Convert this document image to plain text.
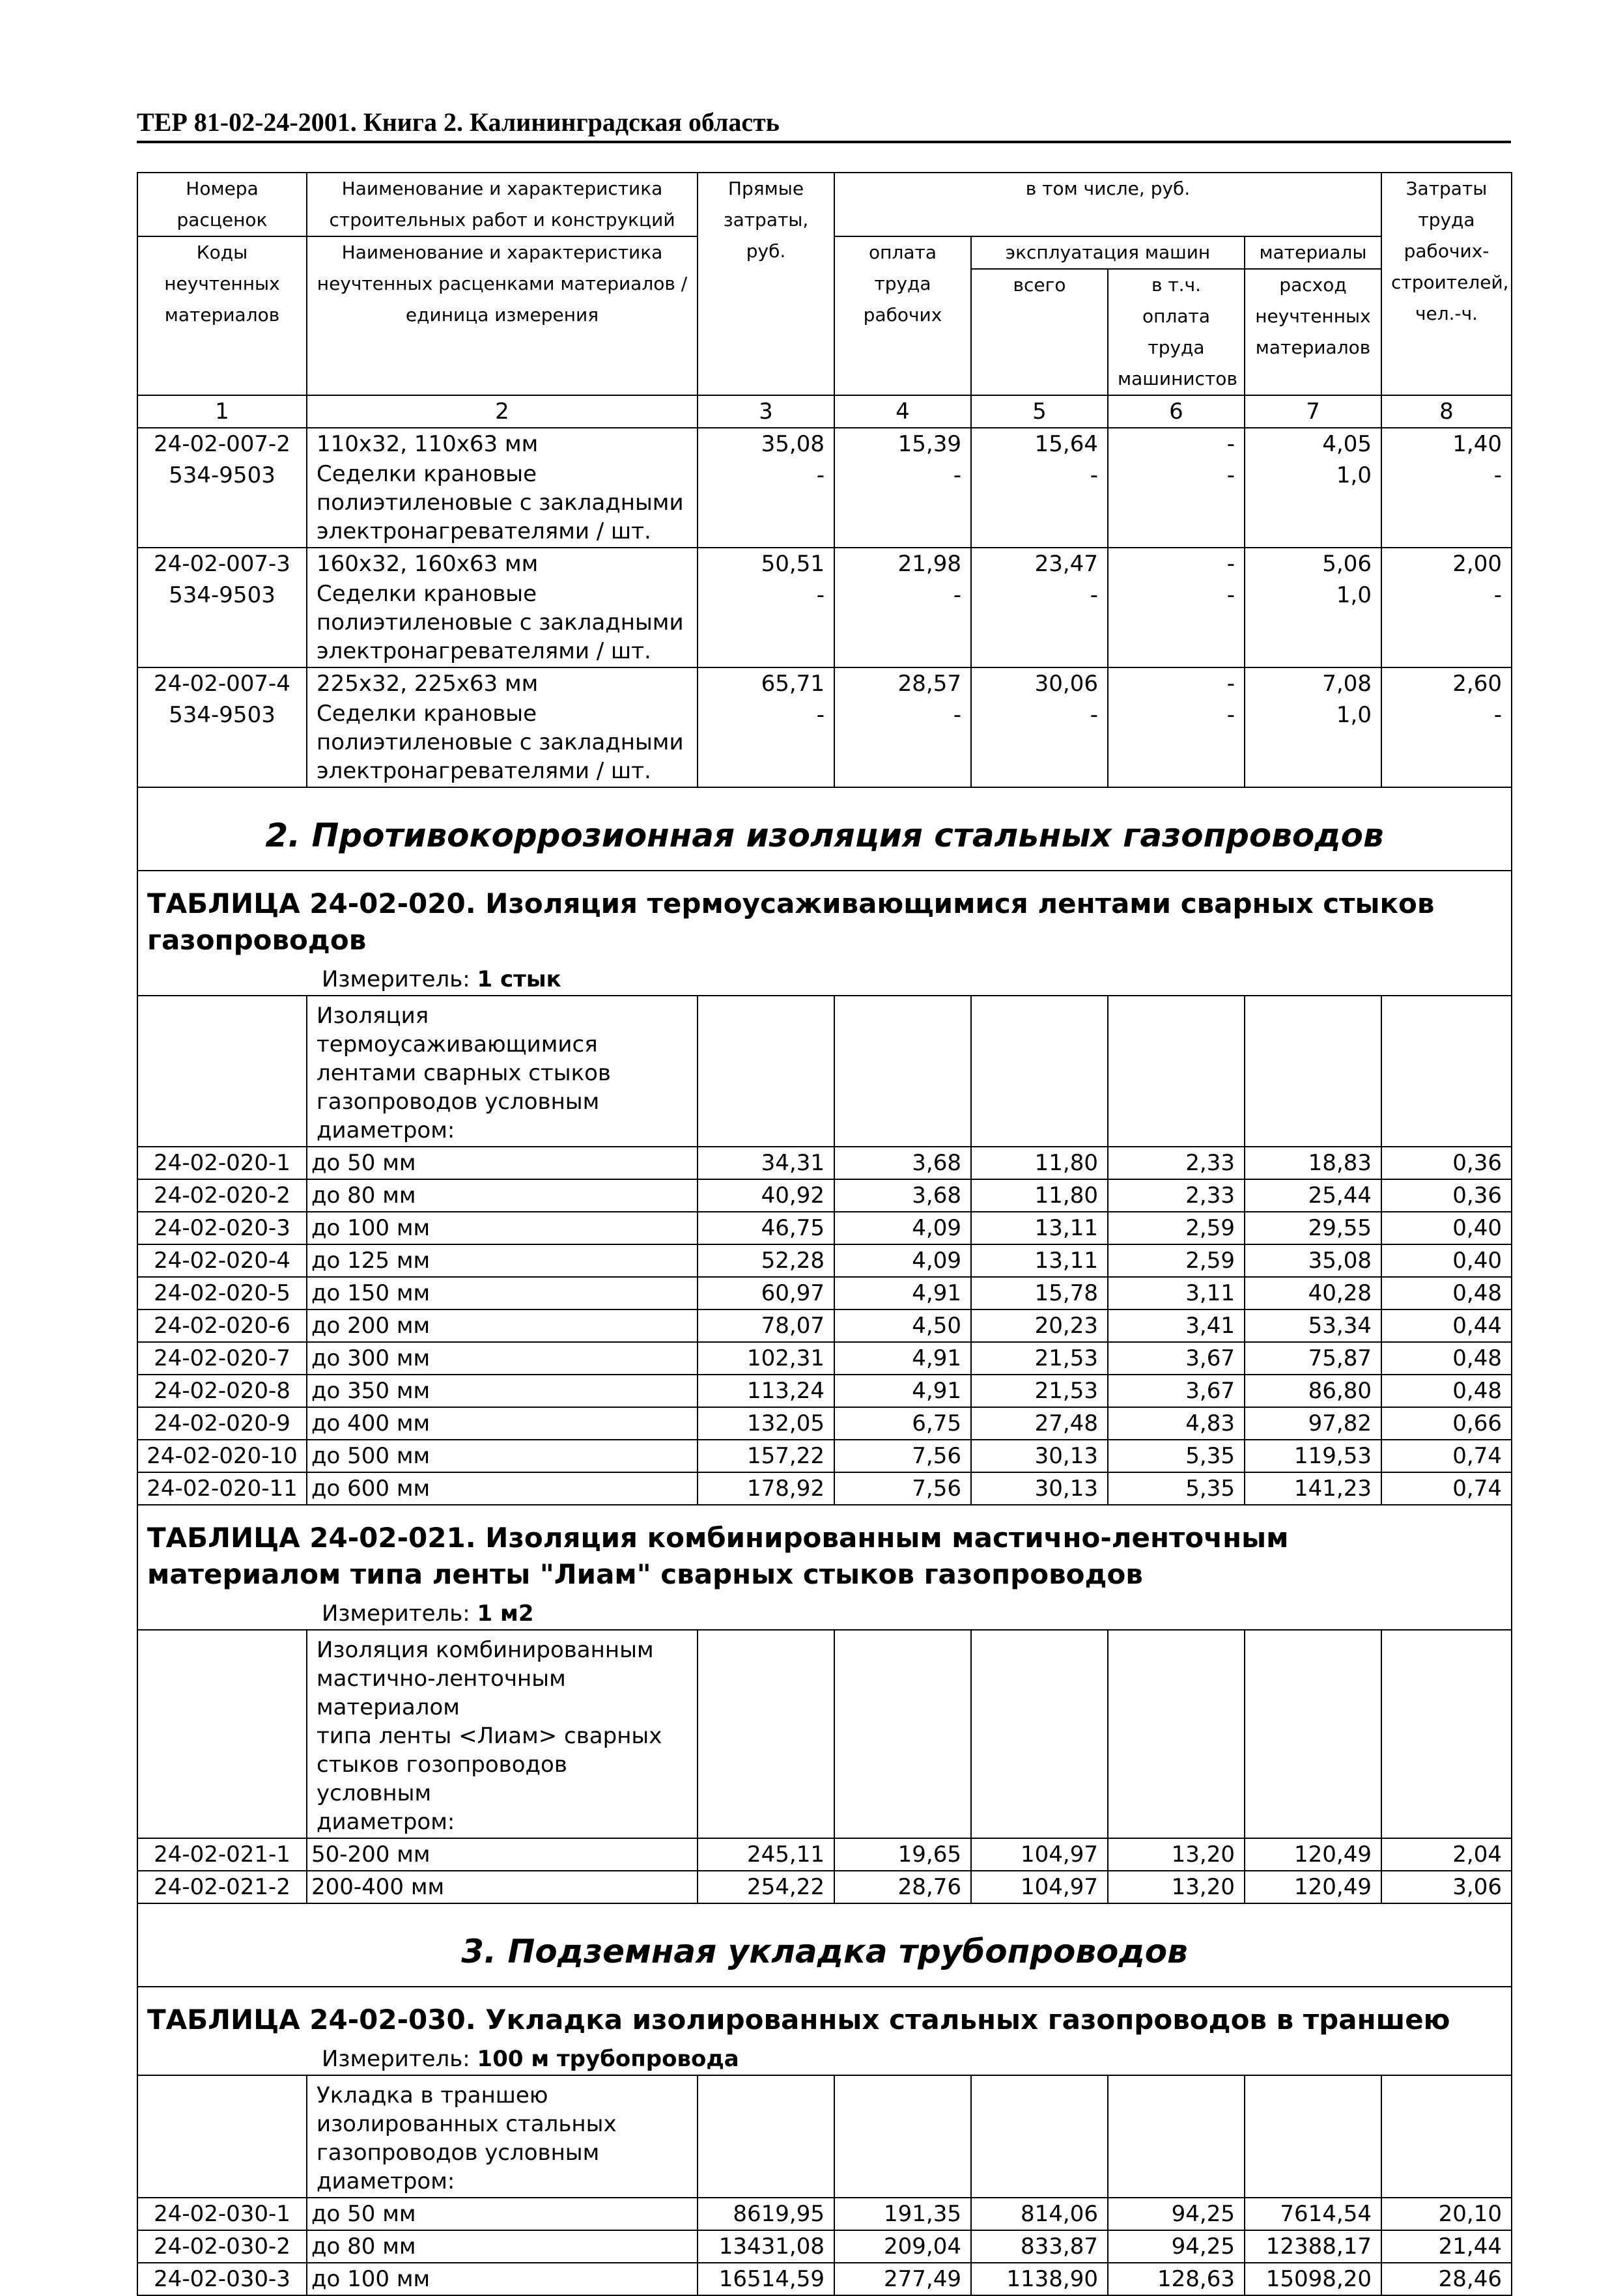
ТЕР 81-02-24-2001. Книга 2. Калининградская область
Номера расценок	Наименование и характеристика строительных работ и конструкций	Прямые затраты, руб.	в том числе, руб.				Затраты труда рабочих-строителей, чел.-ч.
Коды неучтенных материалов	Наименование и характеристика неучтенных расценками материалов / единица измерения		оплата труда рабочих	эксплуатация машин		материалы	
				всего	в т.ч. оплата труда машинистов	расход неучтенных материалов	
1	2	3	4	5	6	7	8
24-02-007-2	110x32, 110x63 мм	35,08	15,39	15,64	-	4,05	1,40
534-9503	Седелки крановые
полиэтиленовые с закладными
электронагревателями / шт.	-	-	-	-	1,0	-
24-02-007-3	160x32, 160x63 мм	50,51	21,98	23,47	-	5,06	2,00
534-9503	Седелки крановые
полиэтиленовые с закладными
электронагревателями / шт.	-	-	-	-	1,0	-
24-02-007-4	225x32, 225x63 мм	65,71	28,57	30,06	-	7,08	2,60
534-9503	Седелки крановые
полиэтиленовые с закладными
электронагревателями / шт.	-	-	-	-	1,0	-

2. Противокоррозионная изоляция стальных газопроводов							

ТАБЛИЦА 24-02-020. Изоляция термоусаживающимися лентами сварных стыков
газопроводов
Измеритель: 1 стык							

	Изоляция термоусаживающимися
лентами сварных стыков
газопроводов условным
диаметром:						

24-02-020-1	до 50 мм	34,31	3,68	11,80	2,33	18,83	0,36
24-02-020-2	до 80 мм	40,92	3,68	11,80	2,33	25,44	0,36
24-02-020-3	до 100 мм	46,75	4,09	13,11	2,59	29,55	0,40
24-02-020-4	до 125 мм	52,28	4,09	13,11	2,59	35,08	0,40
24-02-020-5	до 150 мм	60,97	4,91	15,78	3,11	40,28	0,48
24-02-020-6	до 200 мм	78,07	4,50	20,23	3,41	53,34	0,44
24-02-020-7	до 300 мм	102,31	4,91	21,53	3,67	75,87	0,48
24-02-020-8	до 350 мм	113,24	4,91	21,53	3,67	86,80	0,48
24-02-020-9	до 400 мм	132,05	6,75	27,48	4,83	97,82	0,66
24-02-020-10	до 500 мм	157,22	7,56	30,13	5,35	119,53	0,74
24-02-020-11	до 600 мм	178,92	7,56	30,13	5,35	141,23	0,74

ТАБЛИЦА 24-02-021. Изоляция комбинированным мастично-ленточным
материалом типа ленты "Лиам" сварных стыков газопроводов
Измеритель: 1 м2							

	Изоляция комбинированным
мастично-ленточным материалом
типа ленты <Лиам> сварных
стыков гозопроводов условным
диаметром:						

24-02-021-1	50-200 мм	245,11	19,65	104,97	13,20	120,49	2,04
24-02-021-2	200-400 мм	254,22	28,76	104,97	13,20	120,49	3,06

3. Подземная укладка трубопроводов							

ТАБЛИЦА 24-02-030. Укладка изолированных стальных газопроводов в траншею
Измеритель: 100 м трубопровода							

	Укладка в траншею
изолированных стальных
газопроводов условным
диаметром:						

24-02-030-1	до 50 мм	8619,95	191,35	814,06	94,25	7614,54	20,10
24-02-030-2	до 80 мм	13431,08	209,04	833,87	94,25	12388,17	21,44
24-02-030-3	до 100 мм	16514,59	277,49	1138,90	128,63	15098,20	28,46
